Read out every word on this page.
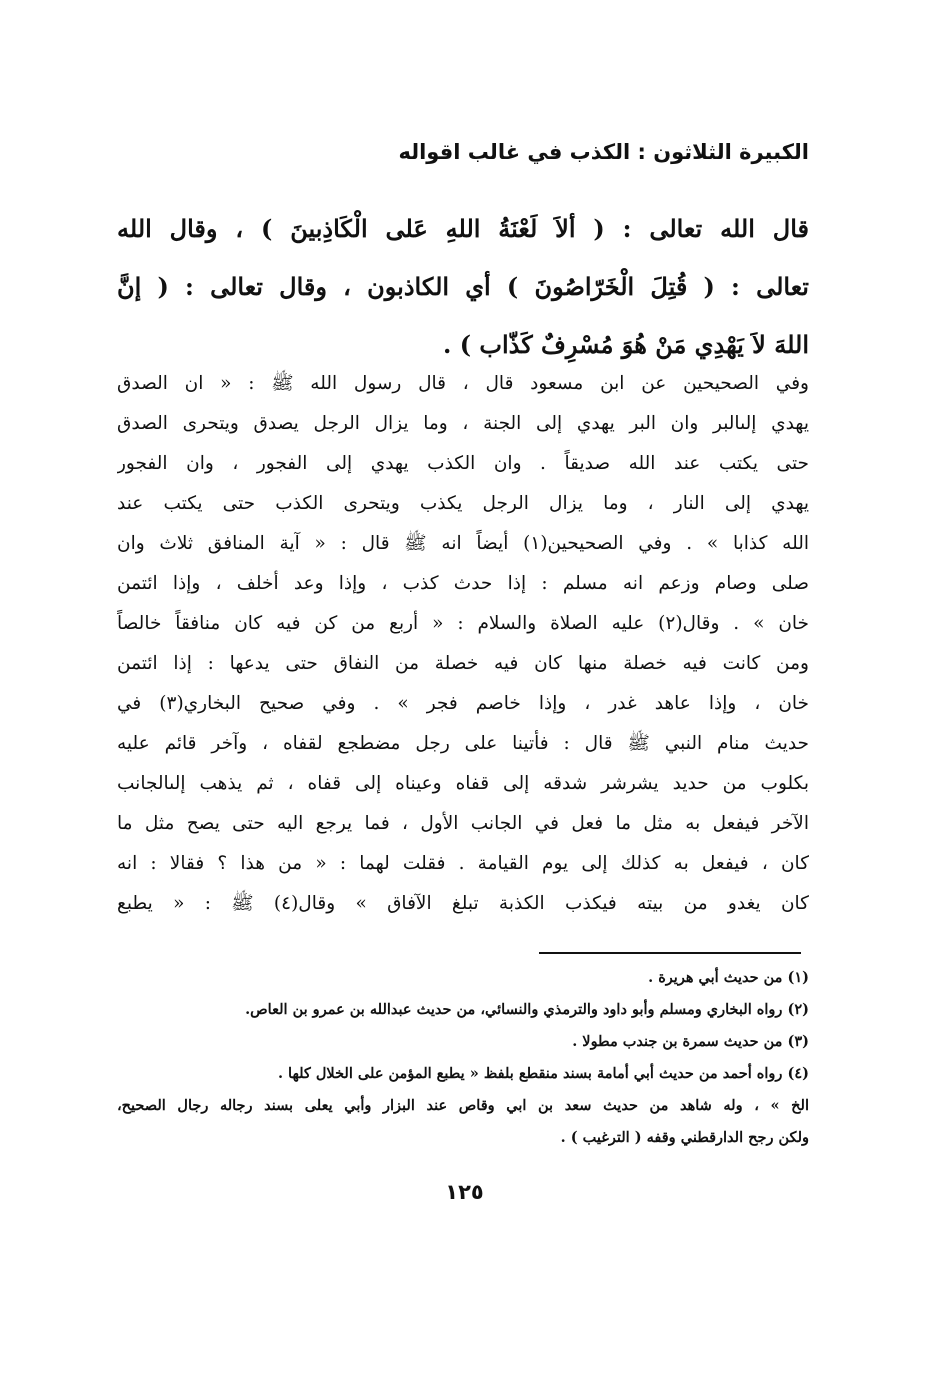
الكبيرة الثلاثون : الكذب في غالب اقواله
قال الله تعالى : ( ألاَ لَعْنَةُ اللهِ عَلى الْكَاذِبينَ ) ، وقال الله
تعالى : ( قُتِلَ الْخَرّاصُونَ ) أي الكاذبون ، وقال تعالى : ( إنَّ
اللهَ لاَ يَهْدِي مَنْ هُوَ مُسْرِفٌ كَذّاب ) .
وفي الصحيحين عن ابن مسعود قال ، قال رسول الله ﷺ : « ان الصدق
يهدي إلىالبر وان البر يهدي إلى الجنة ، وما يزال الرجل يصدق ويتحرى الصدق
حتى يكتب عند الله صديقاً . وان الكذب يهدي إلى الفجور ، وان الفجور
يهدي إلى النار ، وما يزال الرجل يكذب ويتحرى الكذب حتى يكتب عند
الله كذابا » . وفي الصحيحين(١) أيضاً انه ﷺ قال : « آية المنافق ثلاث وان
صلى وصام وزعم انه مسلم : إذا حدث كذب ، وإذا وعد أخلف ، وإذا ائتمن
خان » . وقال(٢) عليه الصلاة والسلام : « أربع من كن فيه كان منافقاً خالصاً
ومن كانت فيه خصلة منها كان فيه خصلة من النفاق حتى يدعها : إذا ائتمن
خان ، وإذا عاهد غدر ، وإذا خاصم فجر » . وفي صحيح البخاري(٣) في
حديث منام النبي ﷺ قال : فأتينا على رجل مضطجع لقفاه ، وآخر قائم عليه
بكلوب من حديد يشرشر شدقه إلى قفاه وعيناه إلى قفاه ، ثم يذهب إلىالجانب
الآخر فيفعل به مثل ما فعل في الجانب الأول ، فما يرجع اليه حتى يصح مثل ما
كان ، فيفعل به كذلك إلى يوم القيامة . فقلت لهما : « من هذا ؟ فقالا : انه
كان يغدو من بيته فيكذب الكذبة تبلغ الآفاق » وقال(٤) ﷺ : « يطبع
(١) من حديث أبي هريرة .
(٢) رواه البخاري ومسلم وأبو داود والترمذي والنسائي، من حديث عبدالله بن عمرو بن العاص.
(٣) من حديث سمرة بن جندب مطولا .
(٤) رواه أحمد من حديث أبي أمامة بسند منقطع بلفظ « يطبع المؤمن على الخلال كلها .
الخ » ، وله شاهد من حديث سعد بن ابي وقاص عند البزار وأبي يعلى بسند رجاله رجال الصحيح،
ولكن رجح الدارقطني وقفه ( الترغيب ) .
١٢٥
